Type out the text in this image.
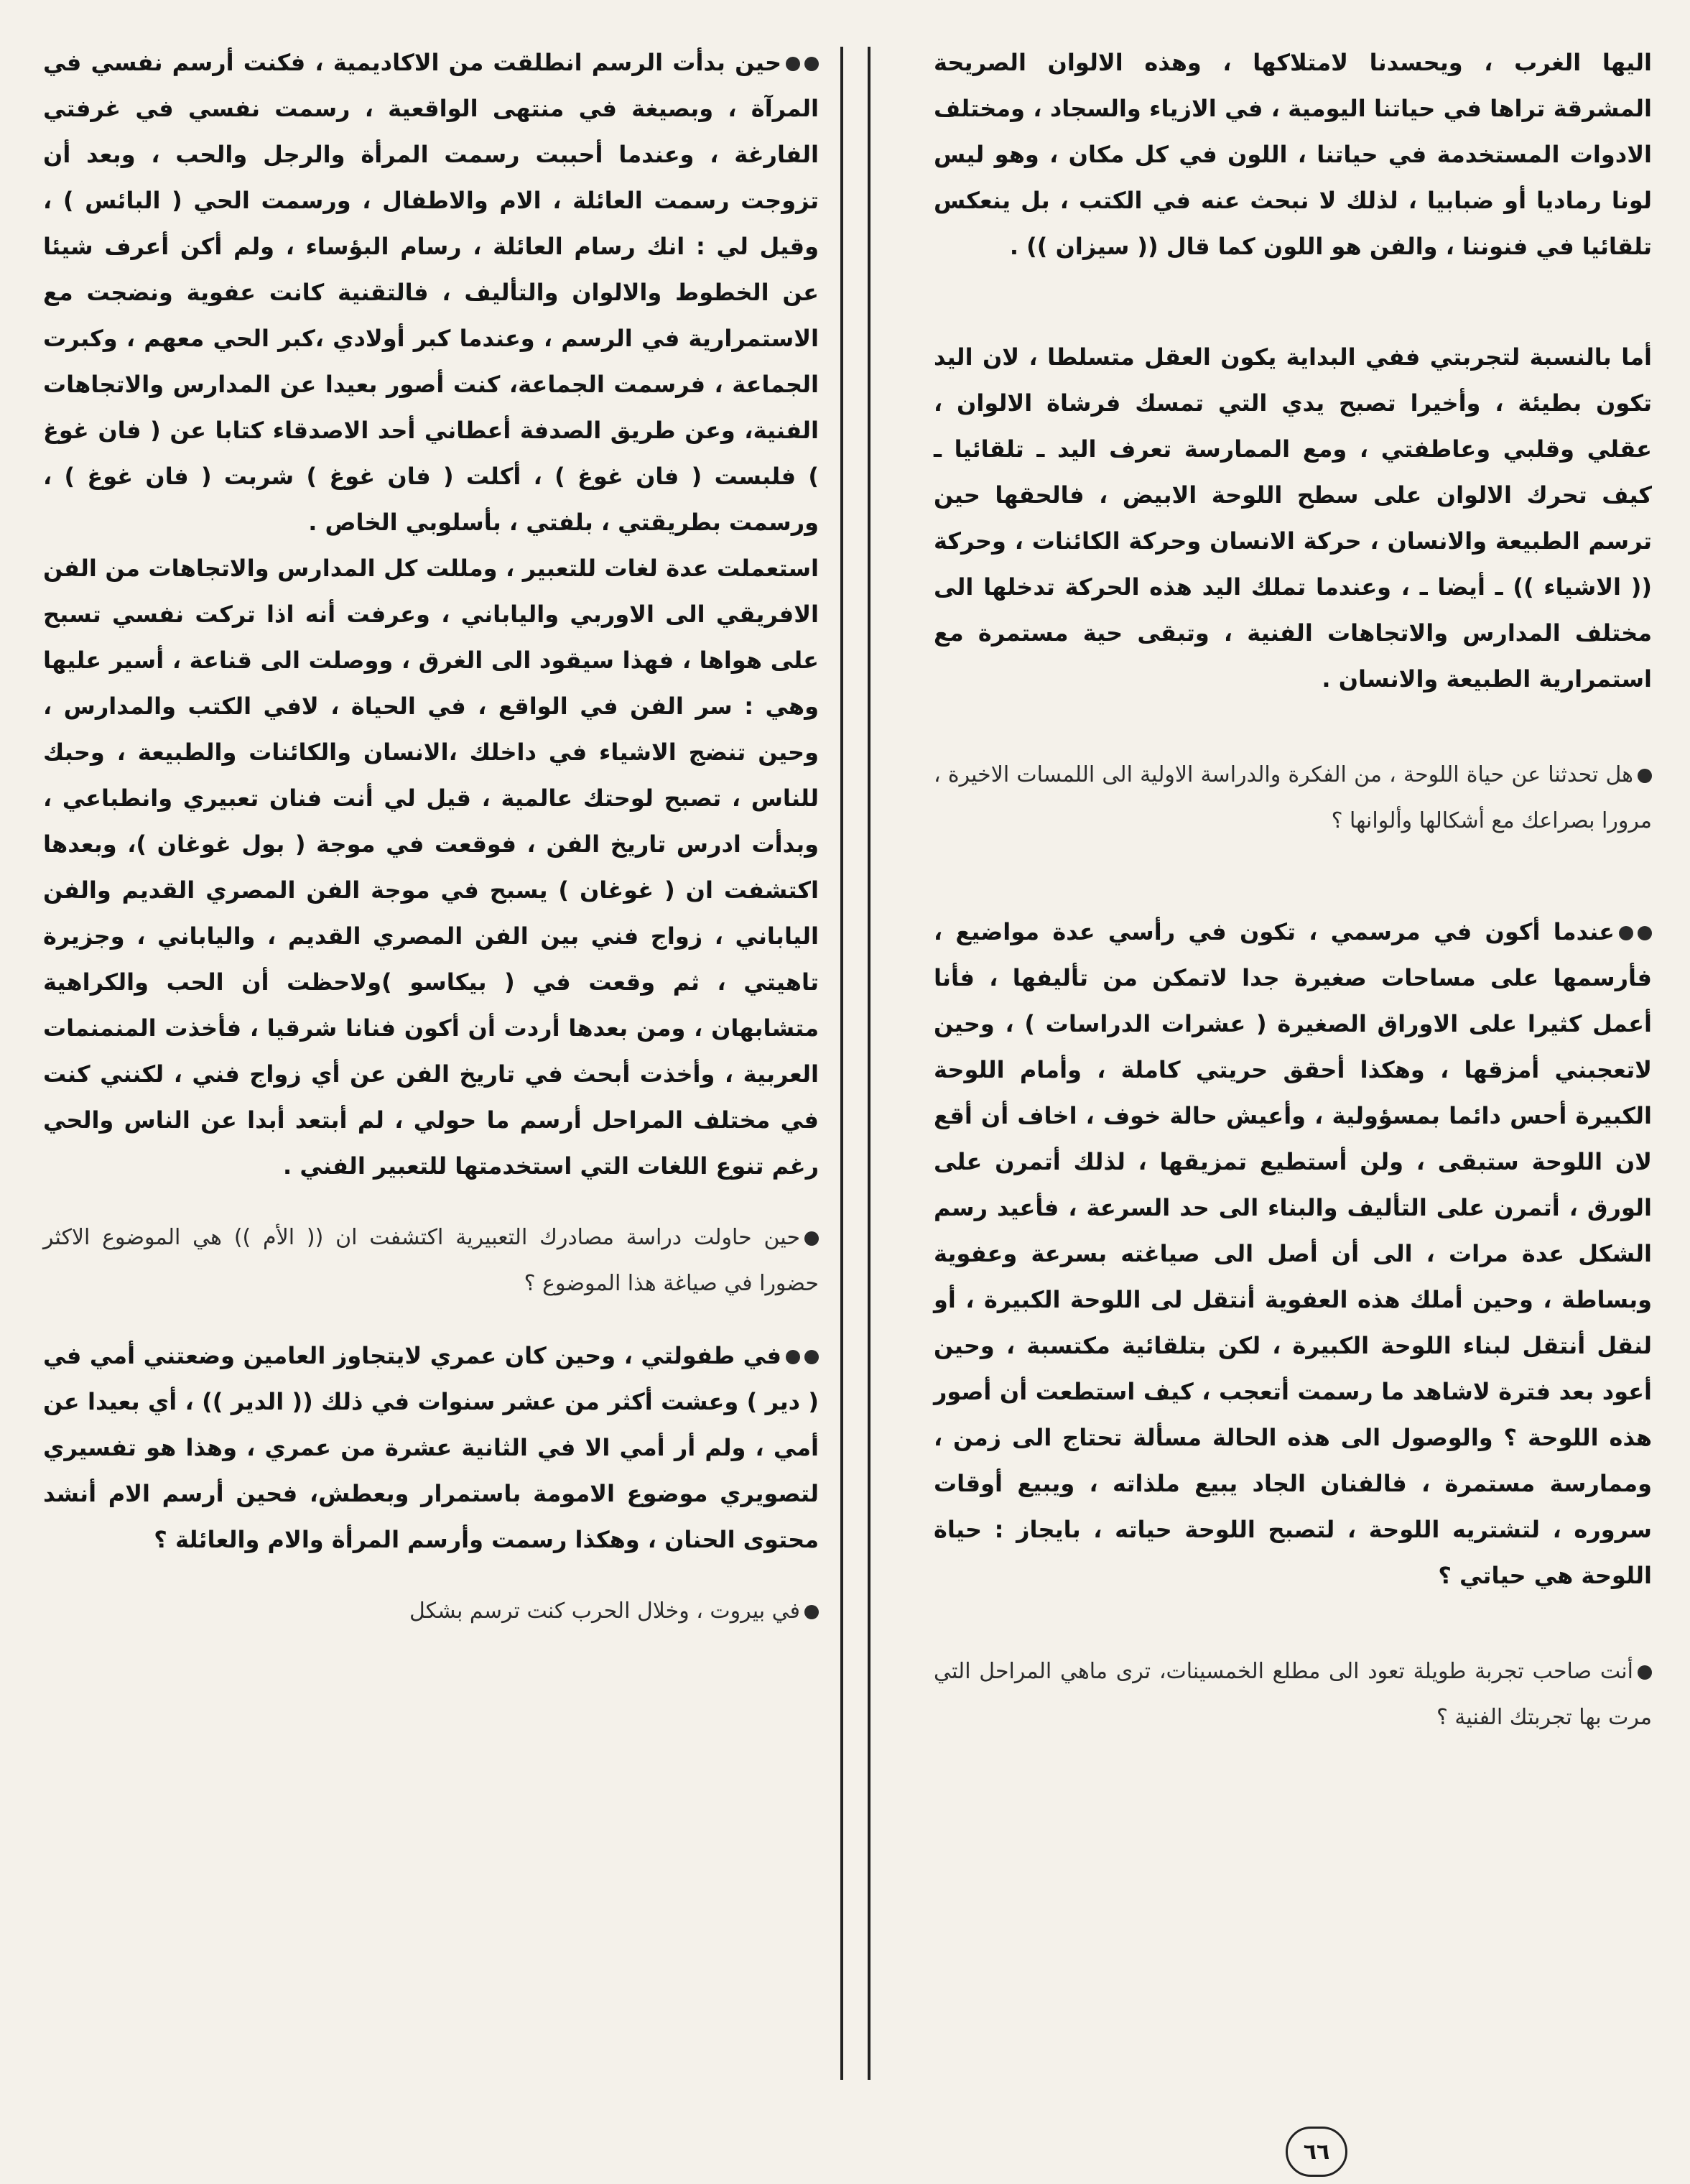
اليها الغرب ، ويحسدنا لامتلاكها ، وهذه الالوان الصريحة المشرقة تراها في حياتنا اليومية ، في الازياء والسجاد ، ومختلف الادوات المستخدمة في حياتنا ، اللون في كل مكان ، وهو ليس لونا رماديا أو ضبابيا ، لذلك لا نبحث عنه في الكتب ، بل ينعكس تلقائيا في فنوننا ، والفن هو اللون كما قال (( سيزان )) .

أما بالنسبة لتجربتي ففي البداية يكون العقل متسلطا ، لان اليد تكون بطيئة ، وأخيرا تصبح يدي التي تمسك فرشاة الالوان ، عقلي وقلبي وعاطفتي ، ومع الممارسة تعرف اليد ـ تلقائيا ـ كيف تحرك الالوان على سطح اللوحة الابيض ، فالحقها حين ترسم الطبيعة والانسان ، حركة الانسان وحركة الكائنات ، وحركة (( الاشياء )) ـ أيضا ـ ، وعندما تملك اليد هذه الحركة تدخلها الى مختلف المدارس والاتجاهات الفنية ، وتبقى حية مستمرة مع استمرارية الطبيعة والانسان .

هل تحدثنا عن حياة اللوحة ، من الفكرة والدراسة الاولية الى اللمسات الاخيرة ، مرورا بصراعك مع أشكالها وألوانها ؟

عندما أكون في مرسمي ، تكون في رأسي عدة مواضيع ، فأرسمها على مساحات صغيرة جدا لاتمكن من تأليفها ، فأنا أعمل كثيرا على الاوراق الصغيرة ( عشرات الدراسات ) ، وحين لاتعجبني أمزقها ، وهكذا أحقق حريتي كاملة ، وأمام اللوحة الكبيرة أحس دائما بمسؤولية ، وأعيش حالة خوف ، اخاف أن أقع لان اللوحة ستبقى ، ولن أستطيع تمزيقها ، لذلك أتمرن على الورق ، أتمرن على التأليف والبناء الى حد السرعة ، فأعيد رسم الشكل عدة مرات ، الى أن أصل الى صياغته بسرعة وعفوية وبساطة ، وحين أملك هذه العفوية أنتقل لى اللوحة الكبيرة ، أو لنقل أنتقل لبناء اللوحة الكبيرة ، لكن بتلقائية مكتسبة ، وحين أعود بعد فترة لاشاهد ما رسمت أتعجب ، كيف استطعت أن أصور هذه اللوحة ؟ والوصول الى هذه الحالة مسألة تحتاج الى زمن ، وممارسة مستمرة ، فالفنان الجاد يبيع ملذاته ، ويبيع أوقات سروره ، لتشتريه اللوحة ، لتصبح اللوحة حياته ، بايجاز : حياة اللوحة هي حياتي ؟

أنت صاحب تجربة طويلة تعود الى مطلع الخمسينات، ترى ماهي المراحل التي مرت بها تجربتك الفنية ؟

حين بدأت الرسم انطلقت من الاكاديمية ، فكنت أرسم نفسي في المرآة ، وبصيغة في منتهى الواقعية ، رسمت نفسي في غرفتي الفارغة ، وعندما أحببت رسمت المرأة والرجل والحب ، وبعد أن تزوجت رسمت العائلة ، الام والاطفال ، ورسمت الحي ( البائس ) ، وقيل لي : انك رسام العائلة ، رسام البؤساء ، ولم أكن أعرف شيئا عن الخطوط والالوان والتأليف ، فالتقنية كانت عفوية ونضجت مع الاستمرارية في الرسم ، وعندما كبر أولادي ،كبر الحي معهم ، وكبرت الجماعة ، فرسمت الجماعة، كنت أصور بعيدا عن المدارس والاتجاهات الفنية، وعن طريق الصدفة أعطاني أحد الاصدقاء كتابا عن ( فان غوغ ) فلبست ( فان غوغ ) ، أكلت ( فان غوغ ) شربت ( فان غوغ ) ، ورسمت بطريقتي ، بلفتي ، بأسلوبي الخاص .

استعملت عدة لغات للتعبير ، ومللت كل المدارس والاتجاهات من الفن الافريقي الى الاوربي والياباني ، وعرفت أنه اذا تركت نفسي تسبح على هواها ، فهذا سيقود الى الغرق ، ووصلت الى قناعة ، أسير عليها وهي : سر الفن في الواقع ، في الحياة ، لافي الكتب والمدارس ، وحين تنضج الاشياء في داخلك ،الانسان والكائنات والطبيعة ، وحبك للناس ، تصبح لوحتك عالمية ، قيل لي أنت فنان تعبيري وانطباعي ، وبدأت ادرس تاريخ الفن ، فوقعت في موجة ( بول غوغان )، وبعدها اكتشفت ان ( غوغان ) يسبح في موجة الفن المصري القديم والفن الياباني ، زواج فني بين الفن المصري القديم ، والياباني ، وجزيرة تاهيتي ، ثم وقعت في ( بيكاسو )ولاحظت أن الحب والكراهية متشابهان ، ومن بعدها أردت أن أكون فنانا شرقيا ، فأخذت المنمنمات العربية ، وأخذت أبحث في تاريخ الفن عن أي زواج فني ، لكنني كنت في مختلف المراحل أرسم ما حولي ، لم أبتعد أبدا عن الناس والحي رغم تنوع اللغات التي استخدمتها للتعبير الفني .

حين حاولت دراسة مصادرك التعبيرية اكتشفت ان (( الأم )) هي الموضوع الاكثر حضورا في صياغة هذا الموضوع ؟

في طفولتي ، وحين كان عمري لايتجاوز العامين وضعتني أمي في ( دير ) وعشت أكثر من عشر سنوات في ذلك (( الدير )) ، أي بعيدا عن أمي ، ولم أر أمي الا في الثانية عشرة من عمري ، وهذا هو تفسيري لتصويري موضوع الامومة باستمرار وبعطش، فحين أرسم الام أنشد محتوى الحنان ، وهكذا رسمت وأرسم المرأة والام والعائلة ؟

في بيروت ، وخلال الحرب كنت ترسم بشكل

٦٦
